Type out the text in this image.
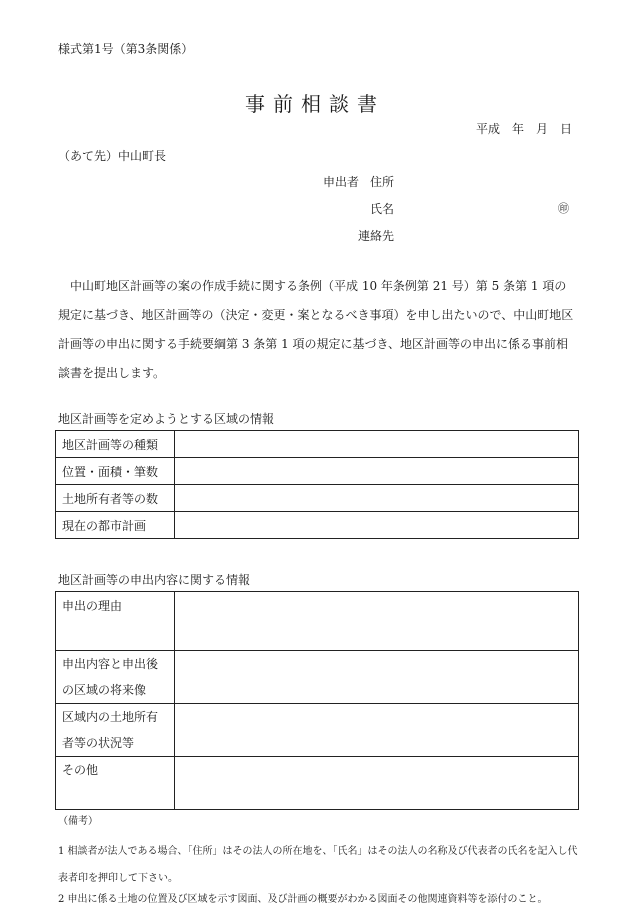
様式第1号（第3条関係）
事前相談書
平成　年　月　日
（あて先）中山町長
申出者 住所
氏名	㊞
連絡先

中山町地区計画等の案の作成手続に関する条例（平成 10 年条例第 21 号）第 5 条第 1 項の規定に基づき、地区計画等の（決定・変更・案となるべき事項）を申し出たいので、中山町地区計画等の申出に関する手続要綱第 3 条第 1 項の規定に基づき、地区計画等の申出に係る事前相談書を提出します。

地区計画等を定めようとする区域の情報
地区計画等の種類	
位置・面積・筆数	
土地所有者等の数	
現在の都市計画	
地区計画等の申出内容に関する情報
申出の理由	
申出内容と申出後の区域の将来像	
区域内の土地所有者等の状況等	
その他	
（備考）
1 相談者が法人である場合、「住所」はその法人の所在地を、「氏名」はその法人の名称及び代表者の氏名を記入し代表者印を押印して下さい。
2 申出に係る土地の位置及び区域を示す図面、及び計画の概要がわかる図面その他関連資料等を添付のこと。
